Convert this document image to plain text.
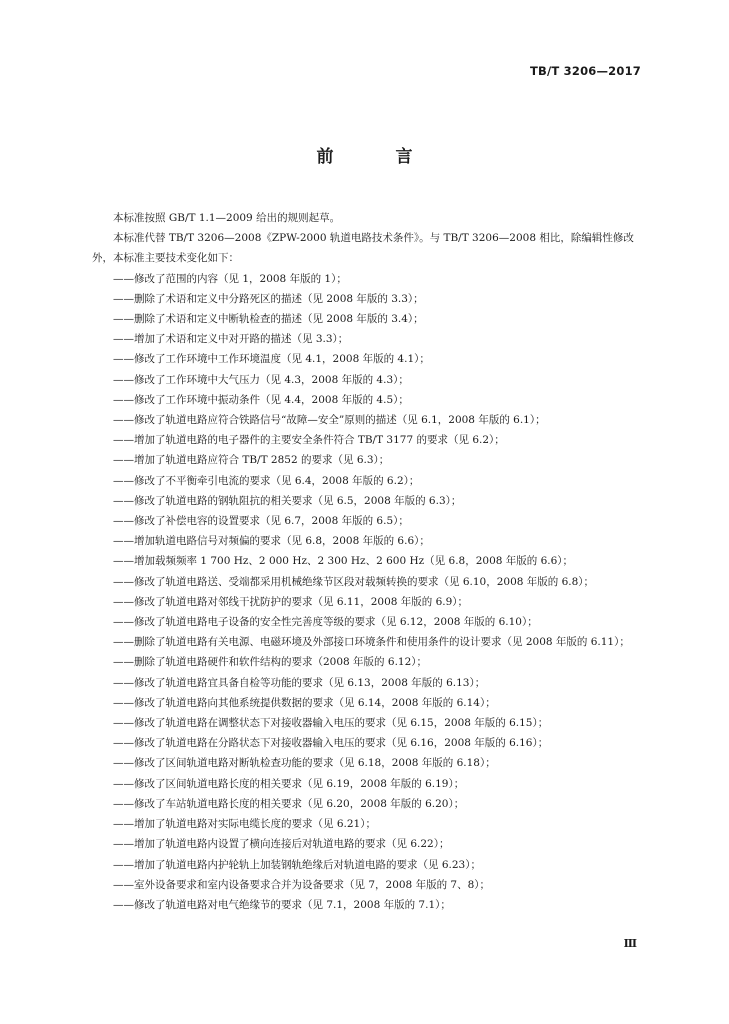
TB/T 3206—2017
前 言

本标准按照 GB/T 1.1—2009 给出的规则起草。

本标准代替 TB/T 3206—2008《ZPW-2000 轨道电路技术条件》。与 TB/T 3206—2008 相比，除编辑性修改外，本标准主要技术变化如下：

——修改了范围的内容（见 1，2008 年版的 1）；

——删除了术语和定义中分路死区的描述（见 2008 年版的 3.3）；

——删除了术语和定义中断轨检查的描述（见 2008 年版的 3.4）；

——增加了术语和定义中对开路的描述（见 3.3）；

——修改了工作环境中工作环境温度（见 4.1，2008 年版的 4.1）；

——修改了工作环境中大气压力（见 4.3，2008 年版的 4.3）；

——修改了工作环境中振动条件（见 4.4，2008 年版的 4.5）；

——修改了轨道电路应符合铁路信号“故障—安全”原则的描述（见 6.1，2008 年版的 6.1）；

——增加了轨道电路的电子器件的主要安全条件符合 TB/T 3177 的要求（见 6.2）；

——增加了轨道电路应符合 TB/T 2852 的要求（见 6.3）；

——修改了不平衡牵引电流的要求（见 6.4，2008 年版的 6.2）；

——修改了轨道电路的钢轨阻抗的相关要求（见 6.5，2008 年版的 6.3）；

——修改了补偿电容的设置要求（见 6.7，2008 年版的 6.5）；

——增加轨道电路信号对频偏的要求（见 6.8，2008 年版的 6.6）；

——增加载频频率 1 700 Hz、2 000 Hz、2 300 Hz、2 600 Hz（见 6.8，2008 年版的 6.6）；

——修改了轨道电路送、受端都采用机械绝缘节区段对载频转换的要求（见 6.10，2008 年版的 6.8）；

——修改了轨道电路对邻线干扰防护的要求（见 6.11，2008 年版的 6.9）；

——修改了轨道电路电子设备的安全性完善度等级的要求（见 6.12，2008 年版的 6.10）；

——删除了轨道电路有关电源、电磁环境及外部接口环境条件和使用条件的设计要求（见 2008 年版的 6.11）；

——删除了轨道电路硬件和软件结构的要求（2008 年版的 6.12）；

——修改了轨道电路宜具备自检等功能的要求（见 6.13，2008 年版的 6.13）；

——修改了轨道电路向其他系统提供数据的要求（见 6.14，2008 年版的 6.14）；

——修改了轨道电路在调整状态下对接收器输入电压的要求（见 6.15，2008 年版的 6.15）；

——修改了轨道电路在分路状态下对接收器输入电压的要求（见 6.16，2008 年版的 6.16）；

——修改了区间轨道电路对断轨检查功能的要求（见 6.18，2008 年版的 6.18）；

——修改了区间轨道电路长度的相关要求（见 6.19，2008 年版的 6.19）；

——修改了车站轨道电路长度的相关要求（见 6.20，2008 年版的 6.20）；

——增加了轨道电路对实际电缆长度的要求（见 6.21）；

——增加了轨道电路内设置了横向连接后对轨道电路的要求（见 6.22）；

——增加了轨道电路内护轮轨上加装钢轨绝缘后对轨道电路的要求（见 6.23）；

——室外设备要求和室内设备要求合并为设备要求（见 7，2008 年版的 7、8）；

——修改了轨道电路对电气绝缘节的要求（见 7.1，2008 年版的 7.1）；

Ⅲ
